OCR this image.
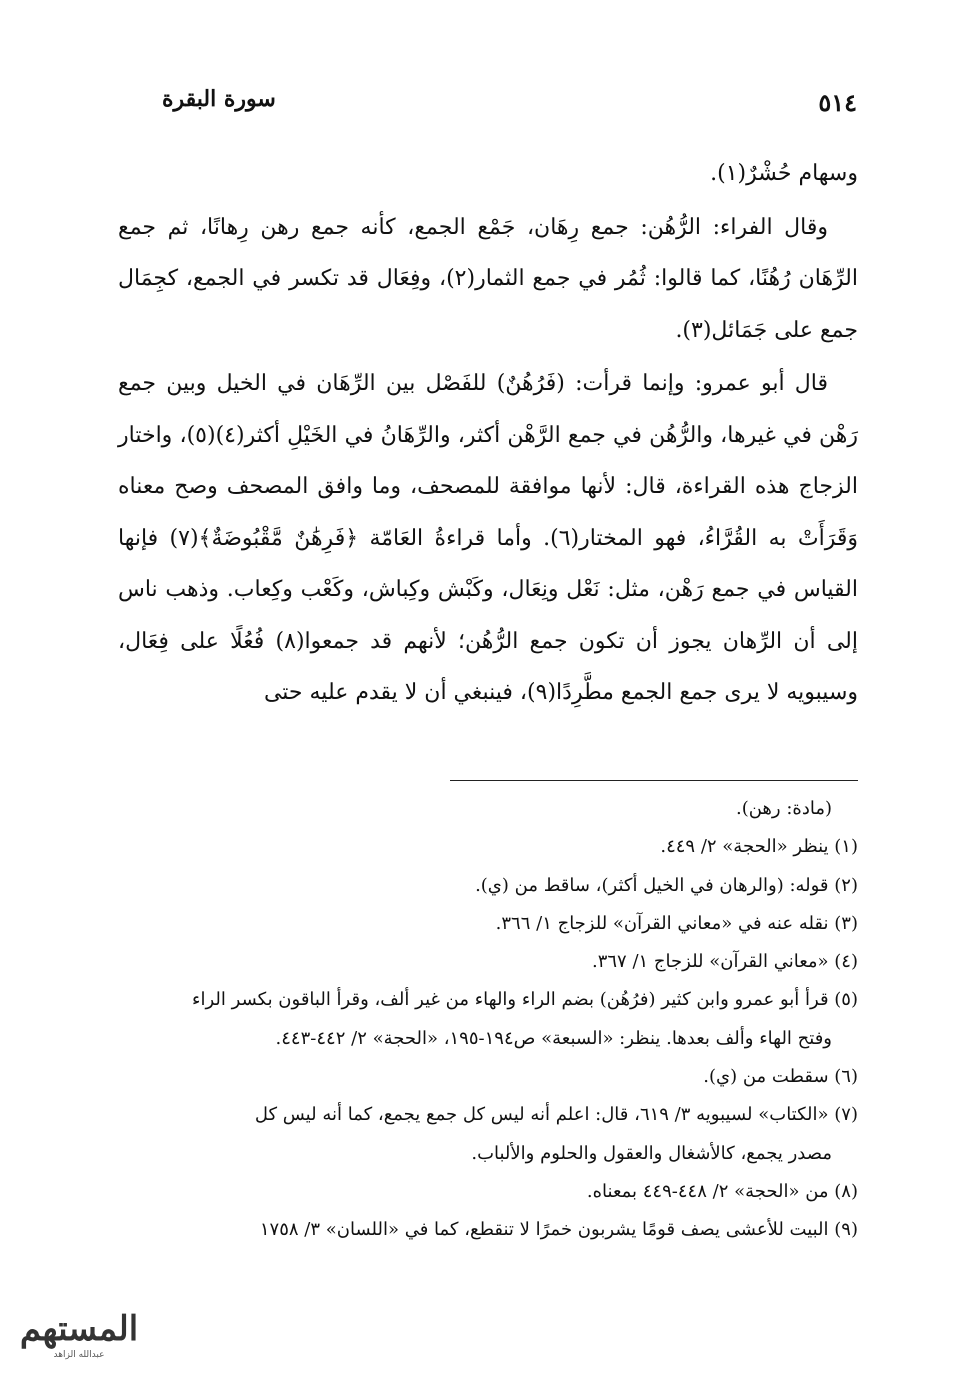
سورة البقرة	٥١٤

وسهام حُشْرٌ(١).

وقال الفراء: الرُّهُن: جمع رِهَان، جَمْع الجمع، كأنه جمع رهن رِهانًا، ثم جمع الرِّهَان رُهُنًا، كما قالوا: ثُمُر في جمع الثمار(٢)، وفِعَال قد تكسر في الجمع، كجِمَال جمع على جَمَائل(٣).

قال أبو عمرو: وإنما قرأت: (فَرُهُنٌ) للفَصْل بين الرِّهَان في الخيل وبين جمع رَهْن في غيرها، والرُّهُن في جمع الرَّهْن أكثر، والرِّهَانُ في الخَيْلِ أكثر(٤)(٥)، واختار الزجاج هذه القراءة، قال: لأنها موافقة للمصحف، وما وافق المصحف وصح معناه وَقَرَأَتْ به القُرَّاءُ، فهو المختار(٦). وأما قراءةُ العَامّة ﴿فَرِهَٰنٌ مَّقْبُوضَةٌ﴾(٧) فإنها القياس في جمع رَهْن، مثل: نَعْل ونِعَال، وكَبْش وكِباش، وكَعْب وكِعاب. وذهب ناس إلى أن الرِّهان يجوز أن تكون جمع الرُّهُن؛ لأنهم قد جمعوا(٨) فُعُلًا على فِعَال، وسيبويه لا يرى جمع الجمع مطَّرِدًا(٩)، فينبغي أن لا يقدم عليه حتى

(مادة: رهن).

(١) ينظر «الحجة» ٢/ ٤٤٩.

(٢) قوله: (والرهان في الخيل أكثر)، ساقط من (ي).

(٣) نقله عنه في «معاني القرآن» للزجاج ١/ ٣٦٦.

(٤) «معاني القرآن» للزجاج ١/ ٣٦٧.

(٥) قرأ أبو عمرو وابن كثير (فرُهُن) بضم الراء والهاء من غير ألف، وقرأ الباقون بكسر الراء

وفتح الهاء وألف بعدها. ينظر: «السبعة» ص١٩٤-١٩٥، «الحجة» ٢/ ٤٤٢-٤٤٣.

(٦) سقطت من (ي).

(٧) «الكتاب» لسيبويه ٣/ ٦١٩، قال: اعلم أنه ليس كل جمع يجمع، كما أنه ليس كل

مصدر يجمع، كالأشغال والعقول والحلوم والألباب.

(٨) من «الحجة» ٢/ ٤٤٨-٤٤٩ بمعناه.

(٩) البيت للأعشى يصف قومًا يشربون خمرًا لا تنقطع، كما في «اللسان» ٣/ ١٧٥٨

المستهم
عبدالله الزاهد
